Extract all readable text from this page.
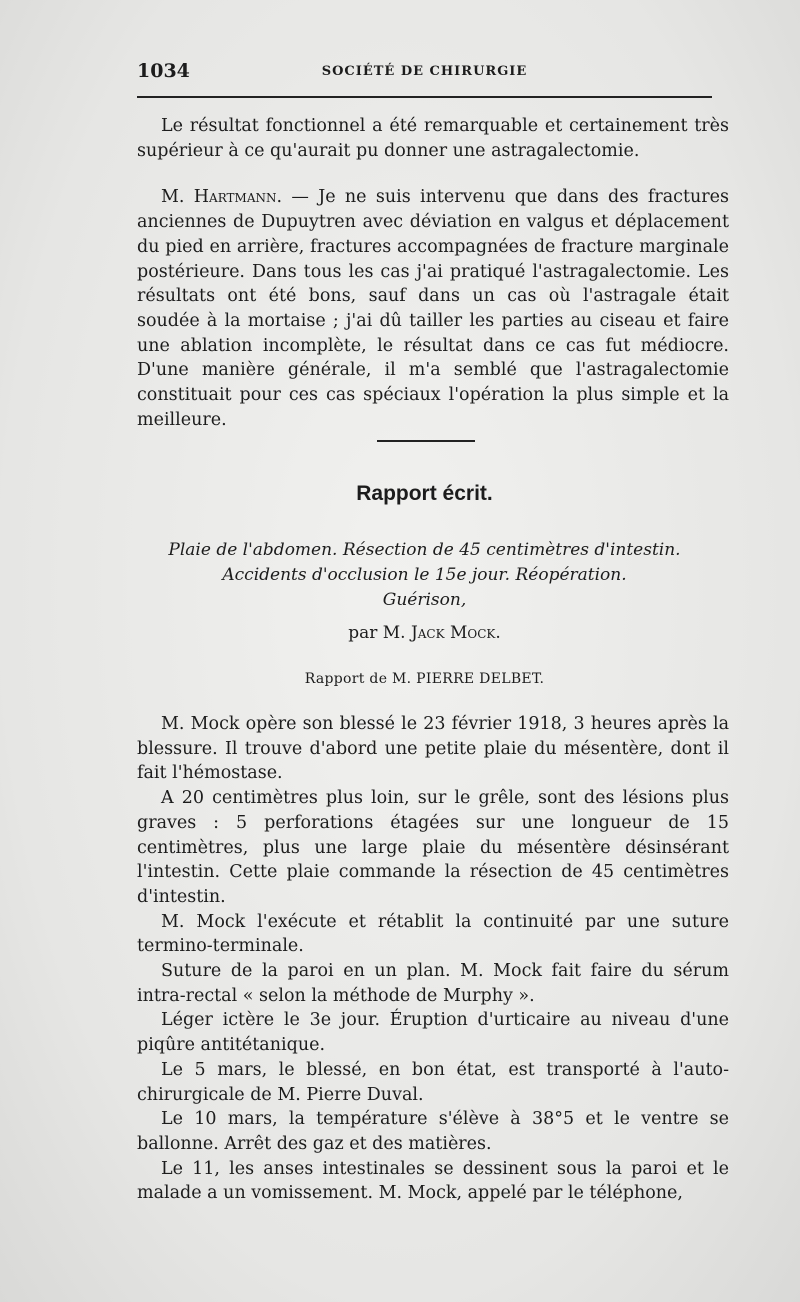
1034	SOCIÉTÉ DE CHIRURGIE

Le résultat fonctionnel a été remarquable et certainement très supérieur à ce qu'aurait pu donner une astragalectomie.

M. Hartmann. — Je ne suis intervenu que dans des fractures anciennes de Dupuytren avec déviation en valgus et déplacement du pied en arrière, fractures accompagnées de fracture marginale postérieure. Dans tous les cas j'ai pratiqué l'astragalectomie. Les résultats ont été bons, sauf dans un cas où l'astragale était soudée à la mortaise ; j'ai dû tailler les parties au ciseau et faire une ablation incomplète, le résultat dans ce cas fut médiocre. D'une manière générale, il m'a semblé que l'astragalectomie constituait pour ces cas spéciaux l'opération la plus simple et la meilleure.

Rapport écrit.
Plaie de l'abdomen. Résection de 45 centimètres d'intestin.
Accidents d'occlusion le 15e jour. Réopération.
Guérison,
par M. Jack Mock.
Rapport de M. PIERRE DELBET.

M. Mock opère son blessé le 23 février 1918, 3 heures après la blessure. Il trouve d'abord une petite plaie du mésentère, dont il fait l'hémostase.

A 20 centimètres plus loin, sur le grêle, sont des lésions plus graves : 5 perforations étagées sur une longueur de 15 centimètres, plus une large plaie du mésentère désinsérant l'intestin. Cette plaie commande la résection de 45 centimètres d'intestin.

M. Mock l'exécute et rétablit la continuité par une suture termino-terminale.

Suture de la paroi en un plan. M. Mock fait faire du sérum intra-rectal « selon la méthode de Murphy ».

Léger ictère le 3e jour. Éruption d'urticaire au niveau d'une piqûre antitétanique.

Le 5 mars, le blessé, en bon état, est transporté à l'auto-chirurgicale de M. Pierre Duval.

Le 10 mars, la température s'élève à 38°5 et le ventre se ballonne. Arrêt des gaz et des matières.

Le 11, les anses intestinales se dessinent sous la paroi et le malade a un vomissement. M. Mock, appelé par le téléphone,
